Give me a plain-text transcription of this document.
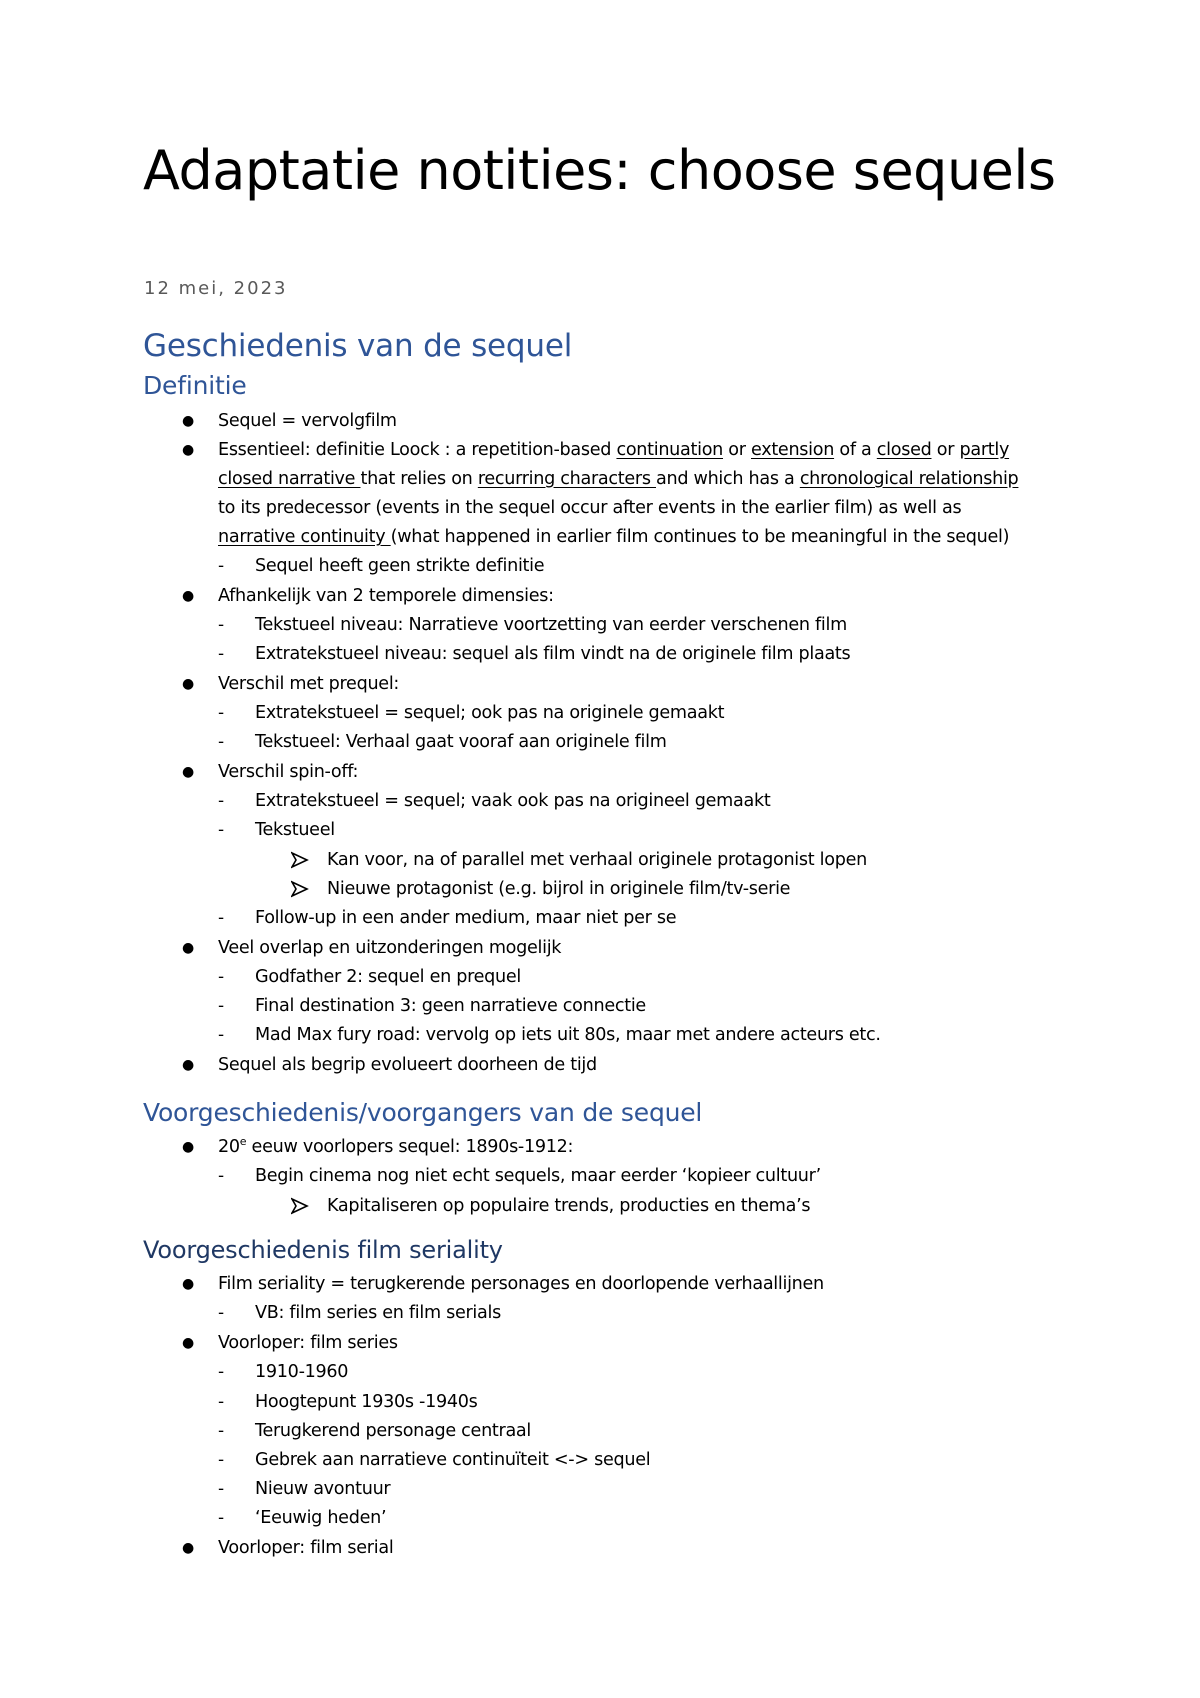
Adaptatie notities: choose sequels

12 mei, 2023

Geschiedenis van de sequel
Definitie
● Sequel = vervolgfilm
● Essentieel: definitie Loock : a repetition-based continuation or extension of a closed or partly
closed narrative that relies on recurring characters and which has a chronological relationship
to its predecessor (events in the sequel occur after events in the earlier film) as well as
narrative continuity (what happened in earlier film continues to be meaningful in the sequel)
- Sequel heeft geen strikte definitie
● Afhankelijk van 2 temporele dimensies:
- Tekstueel niveau: Narratieve voortzetting van eerder verschenen film
- Extratekstueel niveau: sequel als film vindt na de originele film plaats
● Verschil met prequel:
- Extratekstueel = sequel; ook pas na originele gemaakt
- Tekstueel: Verhaal gaat vooraf aan originele film
● Verschil spin-off:
- Extratekstueel = sequel; vaak ook pas na origineel gemaakt
- Tekstueel
Kan voor, na of parallel met verhaal originele protagonist lopen
Nieuwe protagonist (e.g. bijrol in originele film/tv-serie
- Follow-up in een ander medium, maar niet per se
● Veel overlap en uitzonderingen mogelijk
- Godfather 2: sequel en prequel
- Final destination 3: geen narratieve connectie
- Mad Max fury road: vervolg op iets uit 80s, maar met andere acteurs etc.
● Sequel als begrip evolueert doorheen de tijd
Voorgeschiedenis/voorgangers van de sequel
● 20e eeuw voorlopers sequel: 1890s-1912:
- Begin cinema nog niet echt sequels, maar eerder ‘kopieer cultuur’
Kapitaliseren op populaire trends, producties en thema’s
Voorgeschiedenis film seriality
● Film seriality = terugkerende personages en doorlopende verhaallijnen
- VB: film series en film serials
● Voorloper: film series
- 1910-1960
- Hoogtepunt 1930s -1940s
- Terugkerend personage centraal
- Gebrek aan narratieve continuïteit <-> sequel
- Nieuw avontuur
- ‘Eeuwig heden’
● Voorloper: film serial
